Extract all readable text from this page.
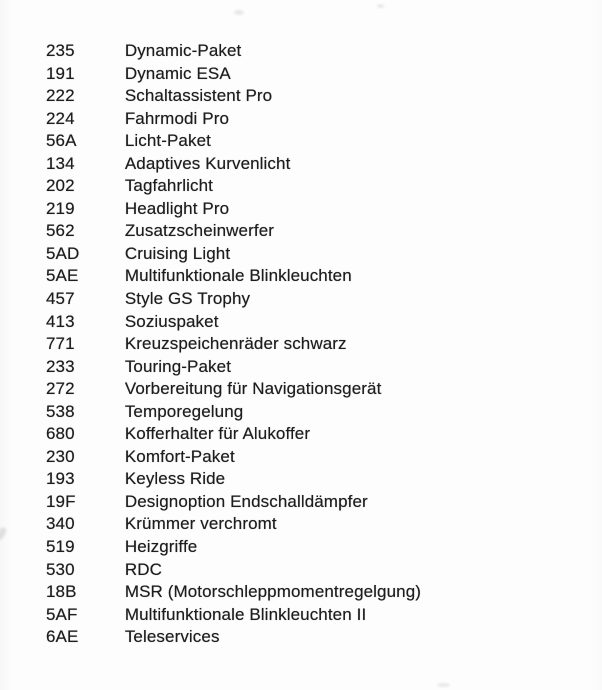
235	Dynamic-Paket
191	Dynamic ESA
222	Schaltassistent Pro
224	Fahrmodi Pro
56A	Licht-Paket
134	Adaptives Kurvenlicht
202	Tagfahrlicht
219	Headlight Pro
562	Zusatzscheinwerfer
5AD	Cruising Light
5AE	Multifunktionale Blinkleuchten
457	Style GS Trophy
413	Soziuspaket
771	Kreuzspeichenräder schwarz
233	Touring-Paket
272	Vorbereitung für Navigationsgerät
538	Temporegelung
680	Kofferhalter für Alukoffer
230	Komfort-Paket
193	Keyless Ride
19F	Designoption Endschalldämpfer
340	Krümmer verchromt
519	Heizgriffe
530	RDC
18B	MSR (Motorschleppmomentregelgung)
5AF	Multifunktionale Blinkleuchten II
6AE	Teleservices
